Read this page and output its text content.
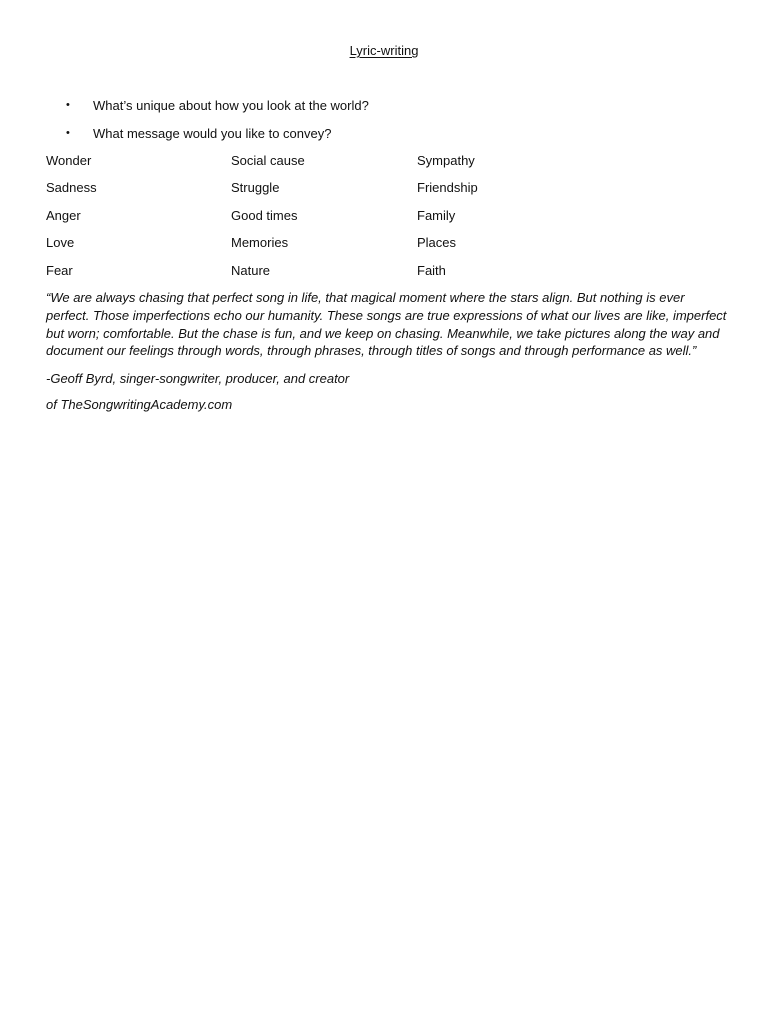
Lyric-writing
• What’s unique about how you look at the world?
• What message would you like to convey?
Wonder	Social cause	Sympathy
Sadness	Struggle	Friendship
Anger	Good times	Family
Love	Memories	Places
Fear	Nature	Faith

“We are always chasing that perfect song in life, that magical moment where the stars align. But nothing is ever perfect. Those imperfections echo our humanity. These songs are true expressions of what our lives are like, imperfect but worn; comfortable. But the chase is fun, and we keep on chasing. Meanwhile, we take pictures along the way and document our feelings through words, through phrases, through titles of songs and through performance as well.”

-Geoff Byrd, singer-songwriter, producer, and creator

of TheSongwritingAcademy.com
